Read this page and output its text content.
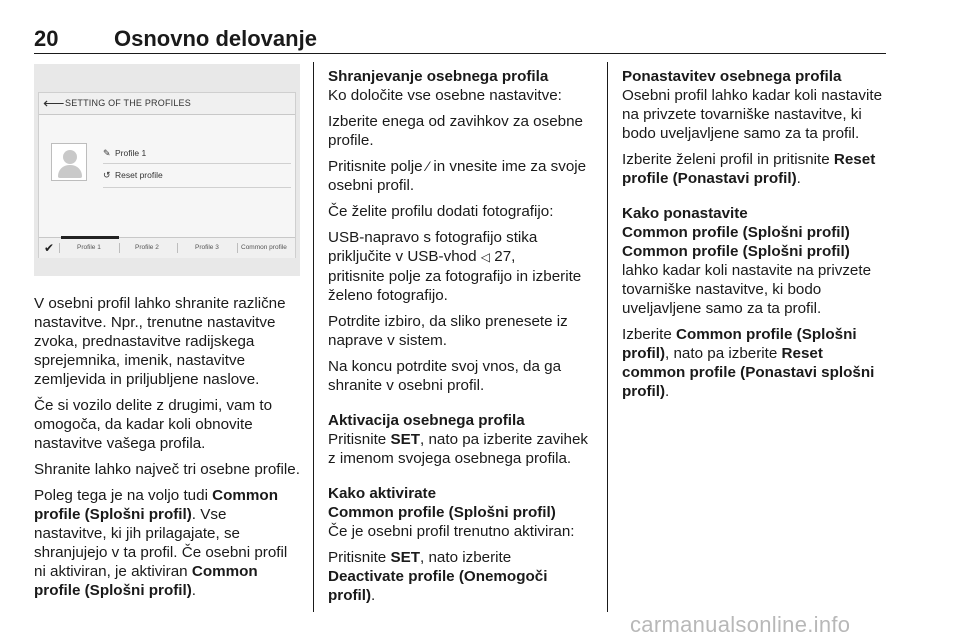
20	Osnovno delovanje
⟵ SETTING OF THE PROFILES
✎ Profile 1
↺ Reset profile
✔	Profile 1	Profile 2	Profile 3	Common profile

V osebni profil lahko shranite različne nastavitve. Npr., trenutne nastavitve zvoka, prednastavitve radijskega sprejemnika, imenik, nastavitve zemljevida in priljubljene naslove.

Če si vozilo delite z drugimi, vam to omogoča, da kadar koli obnovite nastavitve vašega profila.

Shranite lahko največ tri osebne profile.

Poleg tega je na voljo tudi Common profile (Splošni profil). Vse nastavitve, ki jih prilagajate, se shranjujejo v ta profil. Če osebni profil ni aktiviran, je aktiviran Common profile (Splošni profil).

Shranjevanje osebnega profila

Ko določite vse osebne nastavitve:

Izberite enega od zavihkov za osebne profile.

Pritisnite polje ⁄ in vnesite ime za svoje osebni profil.

Če želite profilu dodati fotografijo:

USB-napravo s fotografijo stika priključite v USB-vhod ◁ 27,

pritisnite polje za fotografijo in izberite želeno fotografijo.

Potrdite izbiro, da sliko prenesete iz naprave v sistem.

Na koncu potrdite svoj vnos, da ga shranite v osebni profil.

Aktivacija osebnega profila

Pritisnite SET, nato pa izberite zavihek z imenom svojega osebnega profila.

Kako aktivirate
Common profile (Splošni profil)

Če je osebni profil trenutno aktiviran:

Pritisnite SET, nato izberite
Deactivate profile (Onemogoči profil).

Ponastavitev osebnega profila

Osebni profil lahko kadar koli nastavite na privzete tovarniške nastavitve, ki bodo uveljavljene samo za ta profil.

Izberite želeni profil in pritisnite Reset profile (Ponastavi profil).

Kako ponastavite
Common profile (Splošni profil)

Common profile (Splošni profil) lahko kadar koli nastavite na privzete tovarniške nastavitve, ki bodo uveljavljene samo za ta profil.

Izberite Common profile (Splošni profil), nato pa izberite Reset common profile (Ponastavi splošni profil).

carmanualsonline.info
